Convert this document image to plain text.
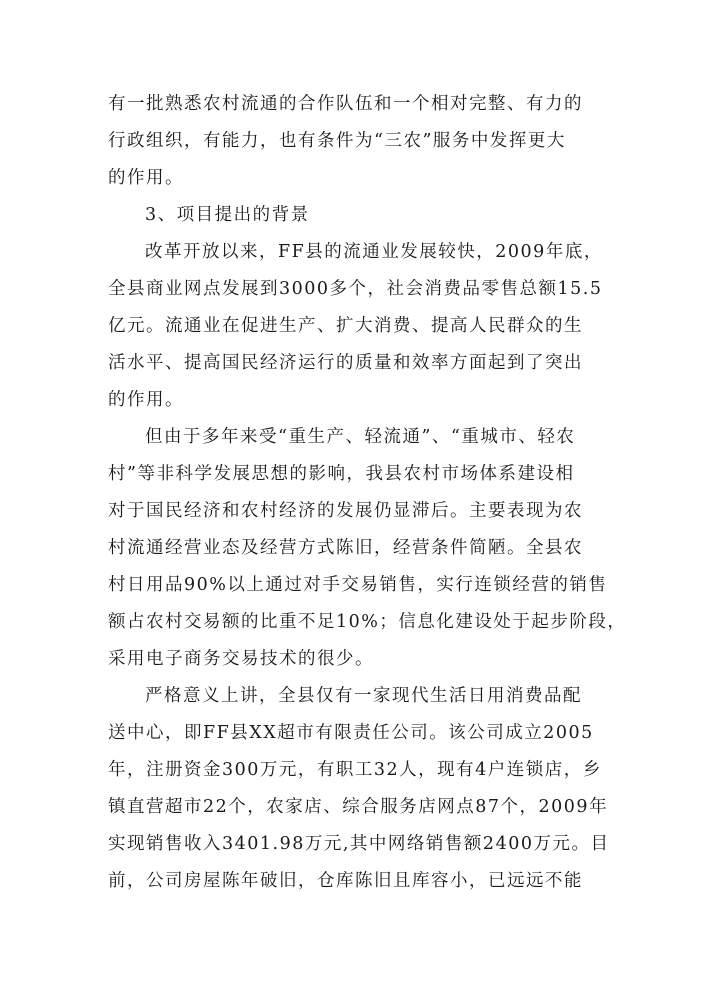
有一批熟悉农村流通的合作队伍和一个相对完整、有力的
行政组织，有能力，也有条件为“三农”服务中发挥更大
的作用。
3、项目提出的背景
改革开放以来，FF县的流通业发展较快，2009年底，
全县商业网点发展到3000多个，社会消费品零售总额15.5
亿元。流通业在促进生产、扩大消费、提高人民群众的生
活水平、提高国民经济运行的质量和效率方面起到了突出
的作用。
但由于多年来受“重生产、轻流通”、“重城市、轻农
村”等非科学发展思想的影响，我县农村市场体系建设相
对于国民经济和农村经济的发展仍显滞后。主要表现为农
村流通经营业态及经营方式陈旧，经营条件简陋。全县农
村日用品90%以上通过对手交易销售，实行连锁经营的销售
额占农村交易额的比重不足10%；信息化建设处于起步阶段，
采用电子商务交易技术的很少。
严格意义上讲，全县仅有一家现代生活日用消费品配
送中心，即FF县XX超市有限责任公司。该公司成立2005
年，注册资金300万元，有职工32人，现有4户连锁店，乡
镇直营超市22个，农家店、综合服务店网点87个，2009年
实现销售收入3401.98万元,其中网络销售额2400万元。目
前，公司房屋陈年破旧，仓库陈旧且库容小，已远远不能
